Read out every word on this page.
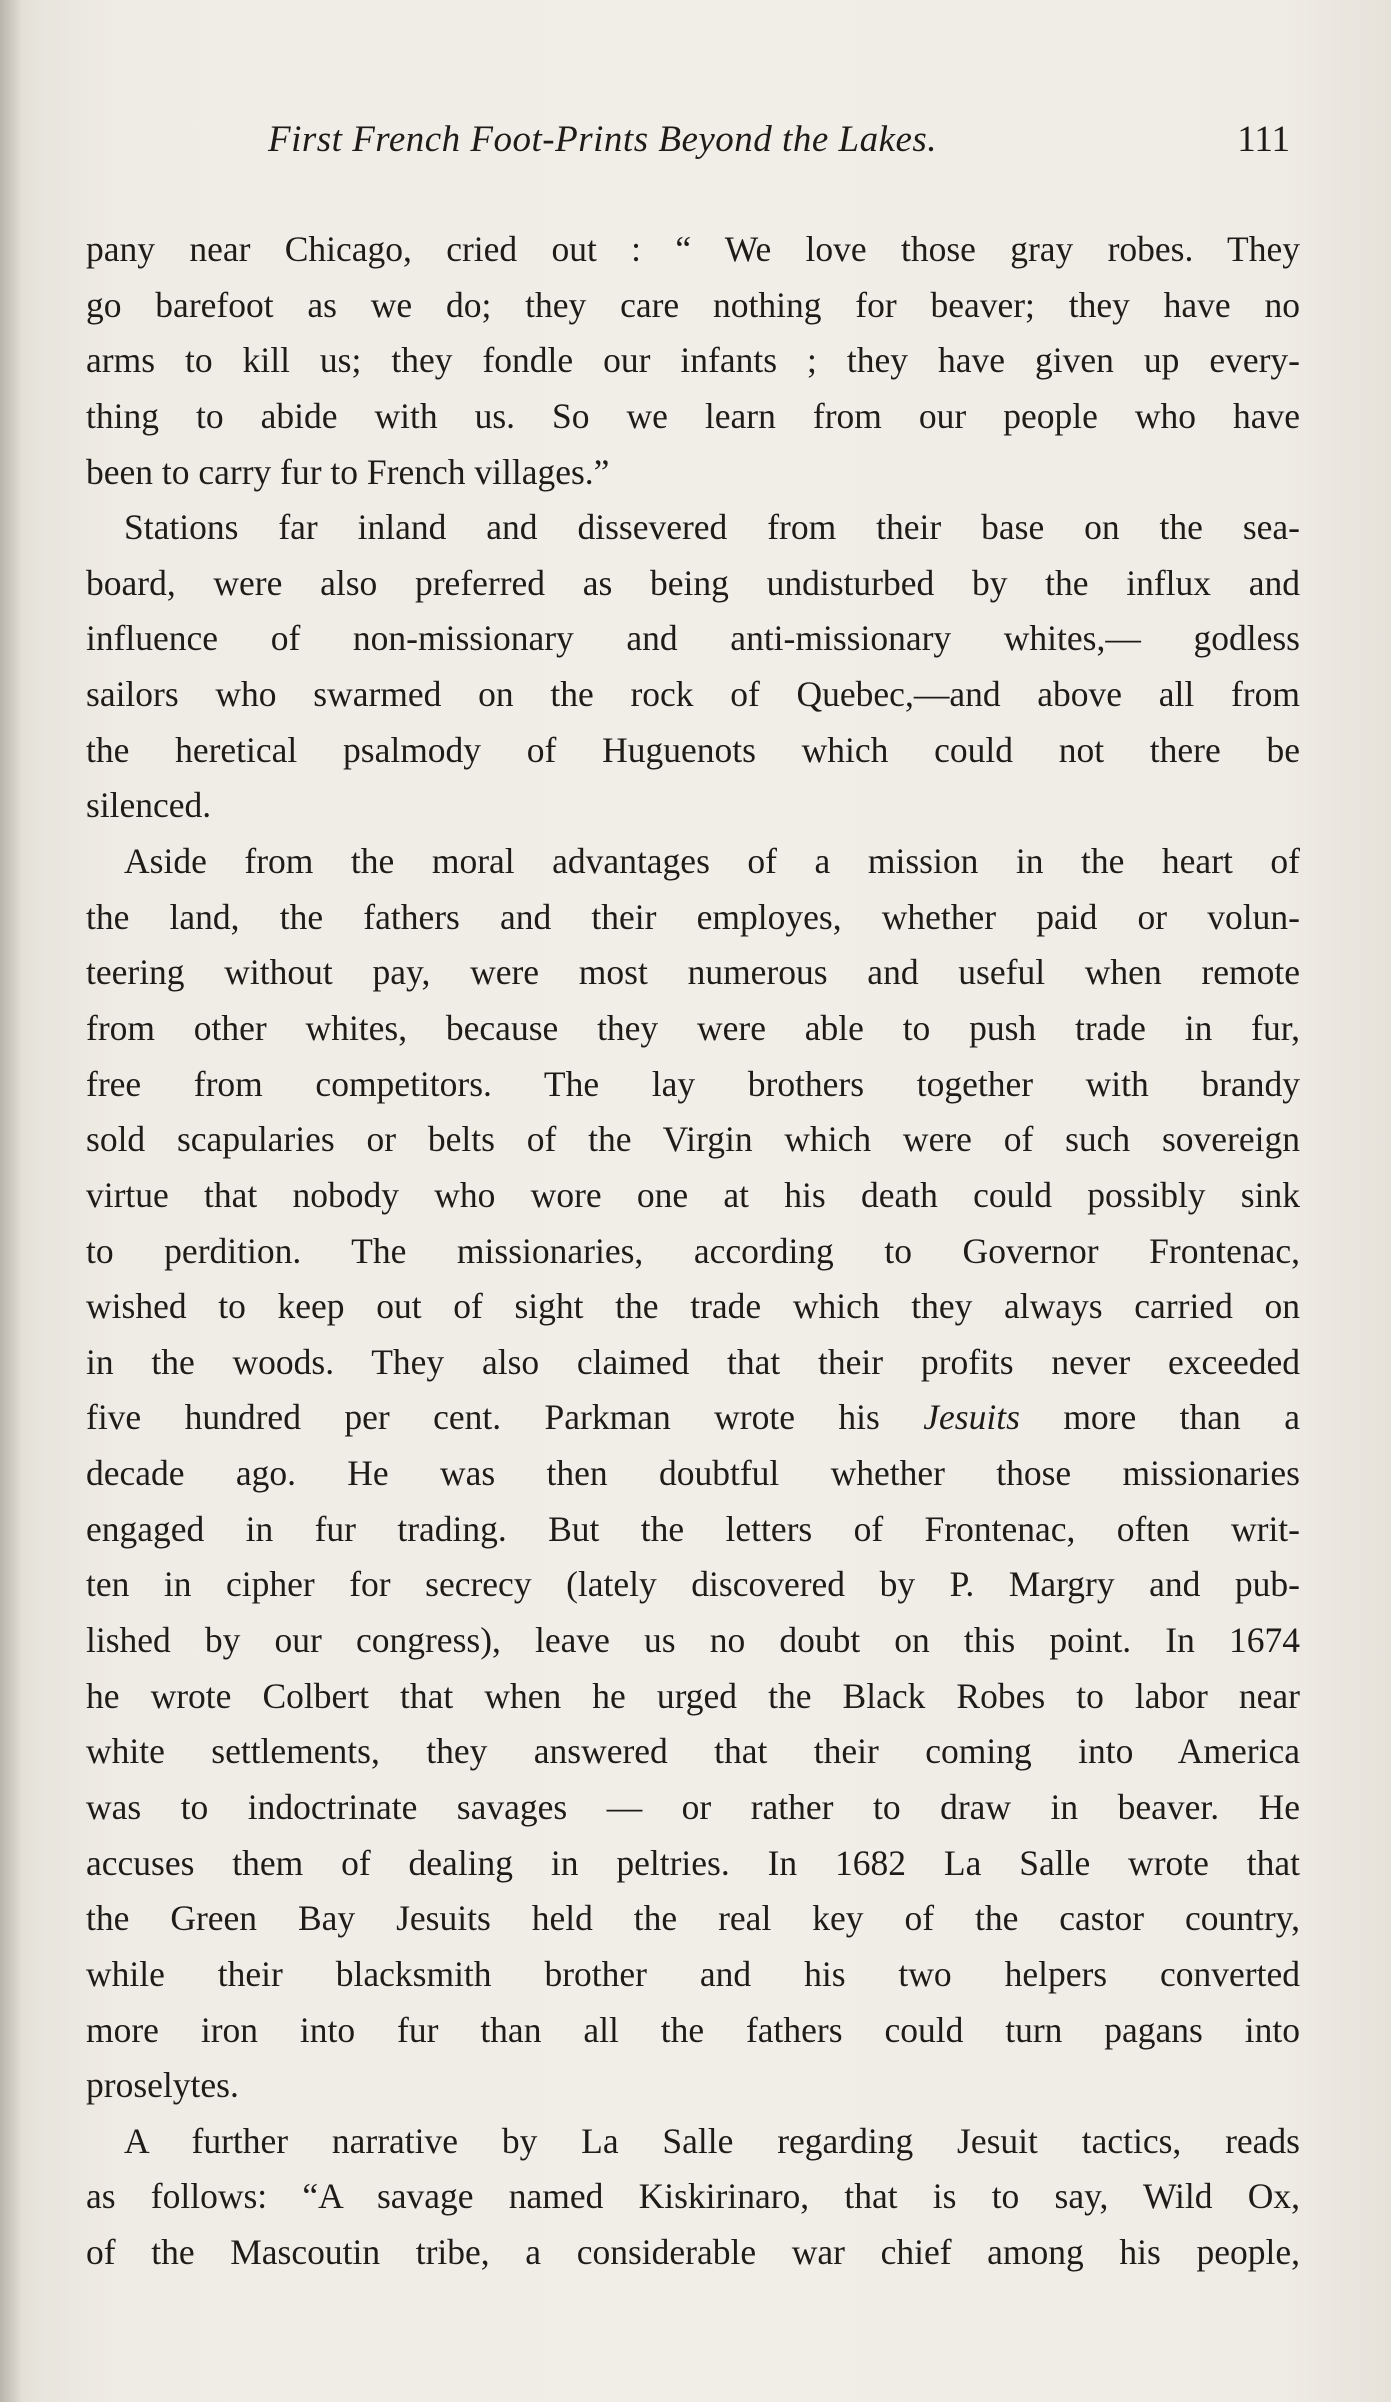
First French Foot-Prints Beyond the Lakes.	111
pany near Chicago, cried out : “ We love those gray robes. They
go barefoot as we do; they care nothing for beaver; they have no
arms to kill us; they fondle our infants ; they have given up every-
thing to abide with us. So we learn from our people who have
been to carry fur to French villages.”
Stations far inland and dissevered from their base on the sea-
board, were also preferred as being undisturbed by the influx and
influence of non-missionary and anti-missionary whites,— godless
sailors who swarmed on the rock of Quebec,—and above all from
the heretical psalmody of Huguenots which could not there be
silenced.
Aside from the moral advantages of a mission in the heart of
the land, the fathers and their employes, whether paid or volun-
teering without pay, were most numerous and useful when remote
from other whites, because they were able to push trade in fur,
free from competitors. The lay brothers together with brandy
sold scapularies or belts of the Virgin which were of such sovereign
virtue that nobody who wore one at his death could possibly sink
to perdition. The missionaries, according to Governor Frontenac,
wished to keep out of sight the trade which they always carried on
in the woods. They also claimed that their profits never exceeded
five hundred per cent. Parkman wrote his Jesuits more than a
decade ago. He was then doubtful whether those missionaries
engaged in fur trading. But the letters of Frontenac, often writ-
ten in cipher for secrecy (lately discovered by P. Margry and pub-
lished by our congress), leave us no doubt on this point. In 1674
he wrote Colbert that when he urged the Black Robes to labor near
white settlements, they answered that their coming into America
was to indoctrinate savages — or rather to draw in beaver. He
accuses them of dealing in peltries. In 1682 La Salle wrote that
the Green Bay Jesuits held the real key of the castor country,
while their blacksmith brother and his two helpers converted
more iron into fur than all the fathers could turn pagans into
proselytes.
A further narrative by La Salle regarding Jesuit tactics, reads
as follows: “A savage named Kiskirinaro, that is to say, Wild Ox,
of the Mascoutin tribe, a considerable war chief among his people,
